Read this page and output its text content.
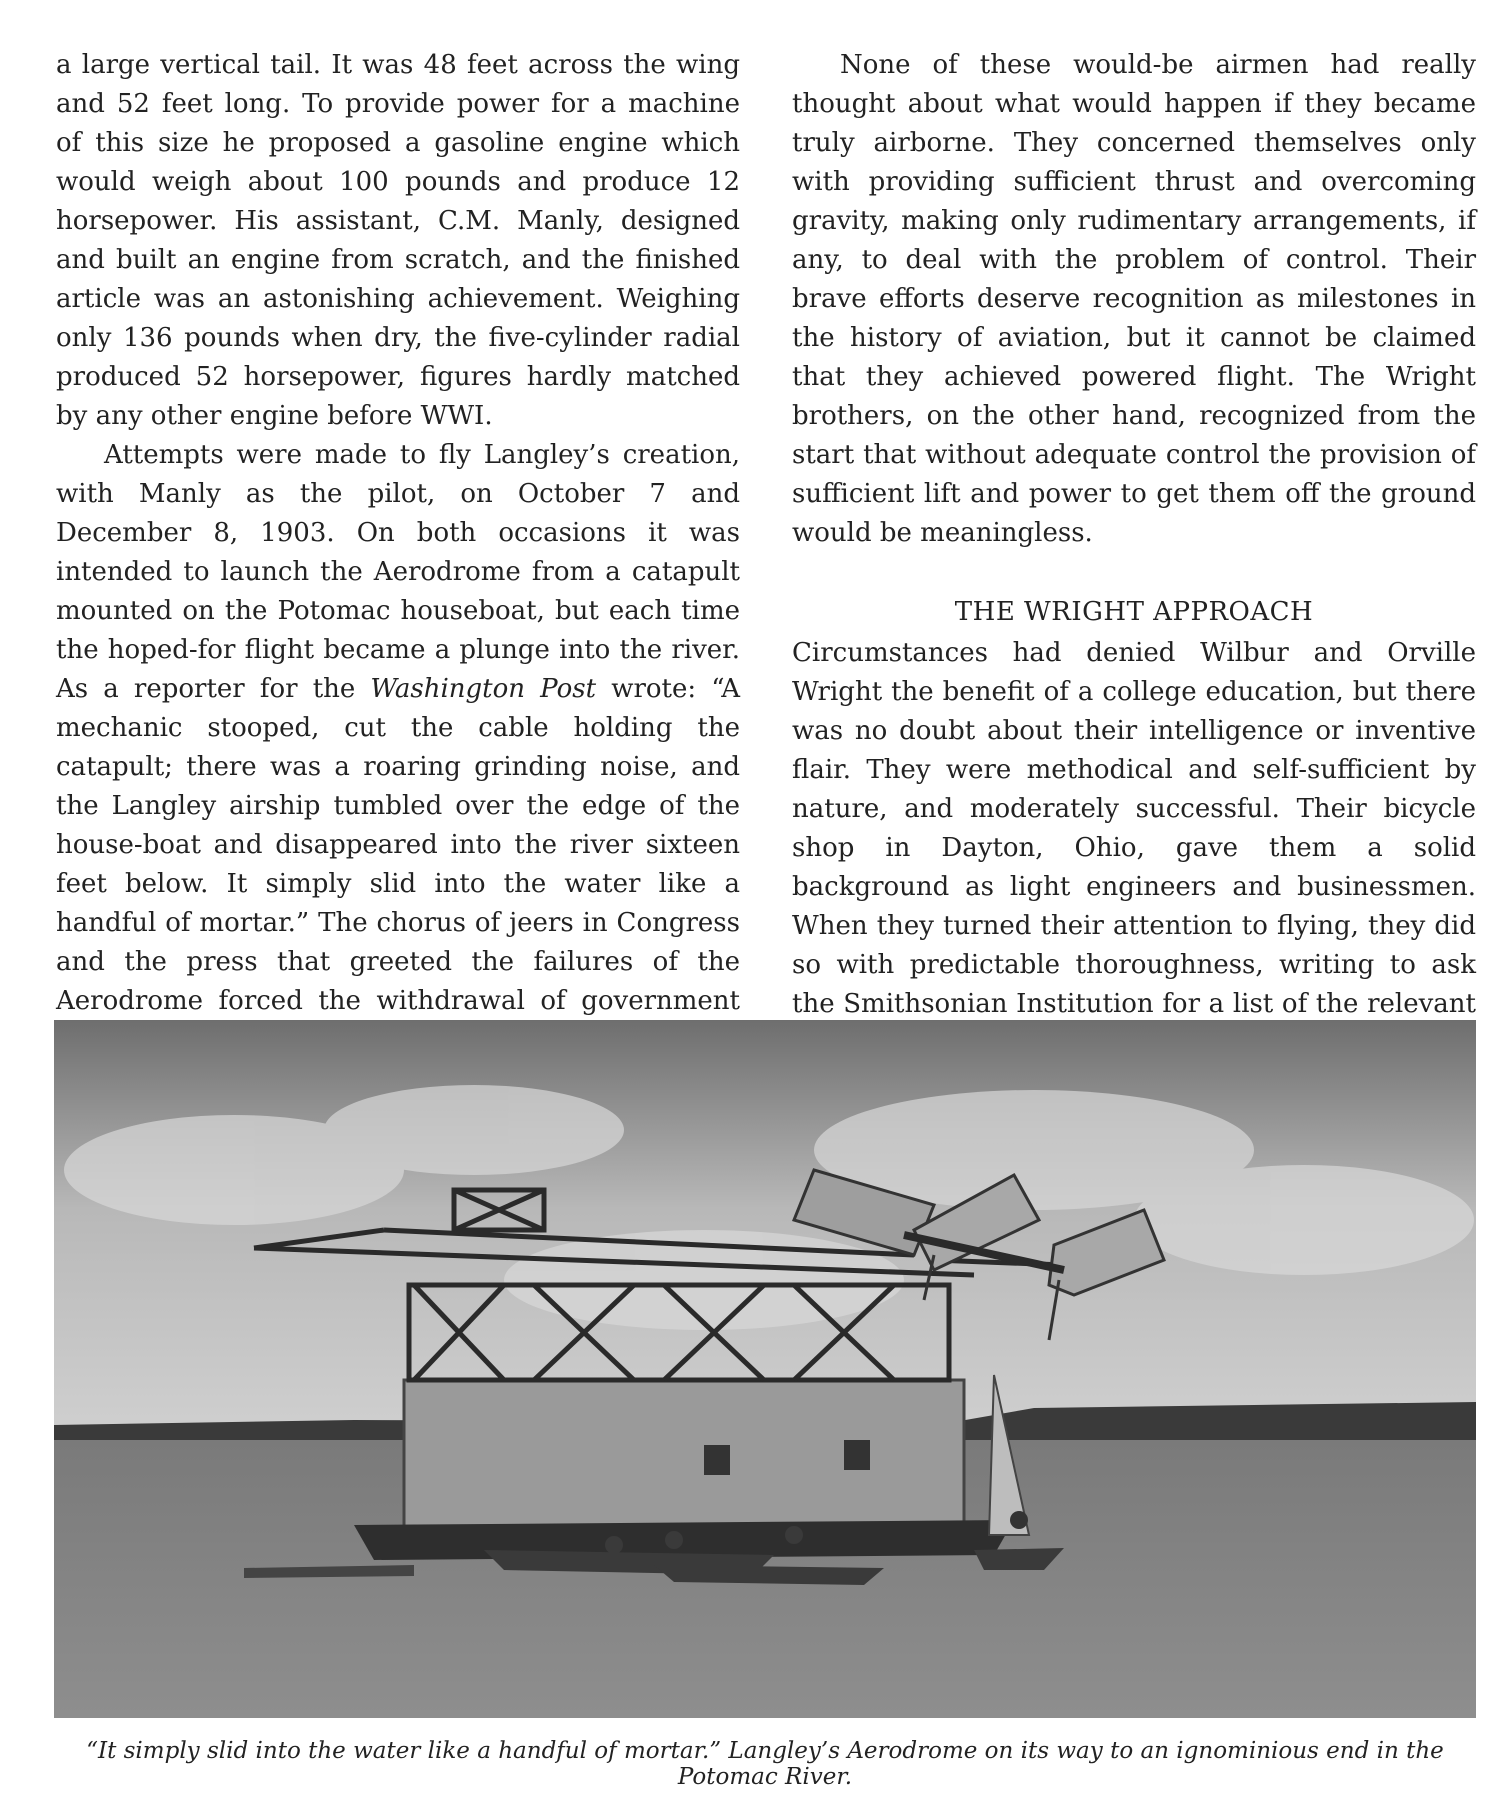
a large vertical tail. It was 48 feet across the wing and 52 feet long. To provide power for a machine of this size he proposed a gasoline engine which would weigh about 100 pounds and produce 12 horsepower. His assistant, C.M. Manly, designed and built an engine from scratch, and the finished article was an astonishing achievement. Weighing only 136 pounds when dry, the five-cylinder radial produced 52 horsepower, figures hardly matched by any other engine before WWI.

Attempts were made to fly Langley’s creation, with Manly as the pilot, on October 7 and December 8, 1903. On both occasions it was intended to launch the Aerodrome from a catapult mounted on the Potomac houseboat, but each time the hoped-for flight became a plunge into the river. As a reporter for the Washington Post wrote: “A mechanic stooped, cut the cable holding the catapult; there was a roaring grinding noise, and the Langley airship tumbled over the edge of the house-boat and disappeared into the river sixteen feet below. It simply slid into the water like a handful of mortar.” The chorus of jeers in Congress and the press that greeted the failures of the Aerodrome forced the withdrawal of government

None of these would-be airmen had really thought about what would happen if they became truly airborne. They concerned themselves only with providing sufficient thrust and overcoming gravity, making only rudimentary arrangements, if any, to deal with the problem of control. Their brave efforts deserve recognition as milestones in the history of aviation, but it cannot be claimed that they achieved powered flight. The Wright brothers, on the other hand, recognized from the start that without adequate control the provision of sufficient lift and power to get them off the ground would be meaningless.

THE WRIGHT APPROACH

Circumstances had denied Wilbur and Orville Wright the benefit of a college education, but there was no doubt about their intelligence or inventive flair. They were methodical and self-sufficient by nature, and moderately successful. Their bicycle shop in Dayton, Ohio, gave them a solid background as light engineers and businessmen. When they turned their attention to flying, they did so with predictable thoroughness, writing to ask the Smithsonian Institution for a list of the relevant

“It simply slid into the water like a handful of mortar.” Langley’s Aerodrome on its way to an ignominious end in the Potomac River.
